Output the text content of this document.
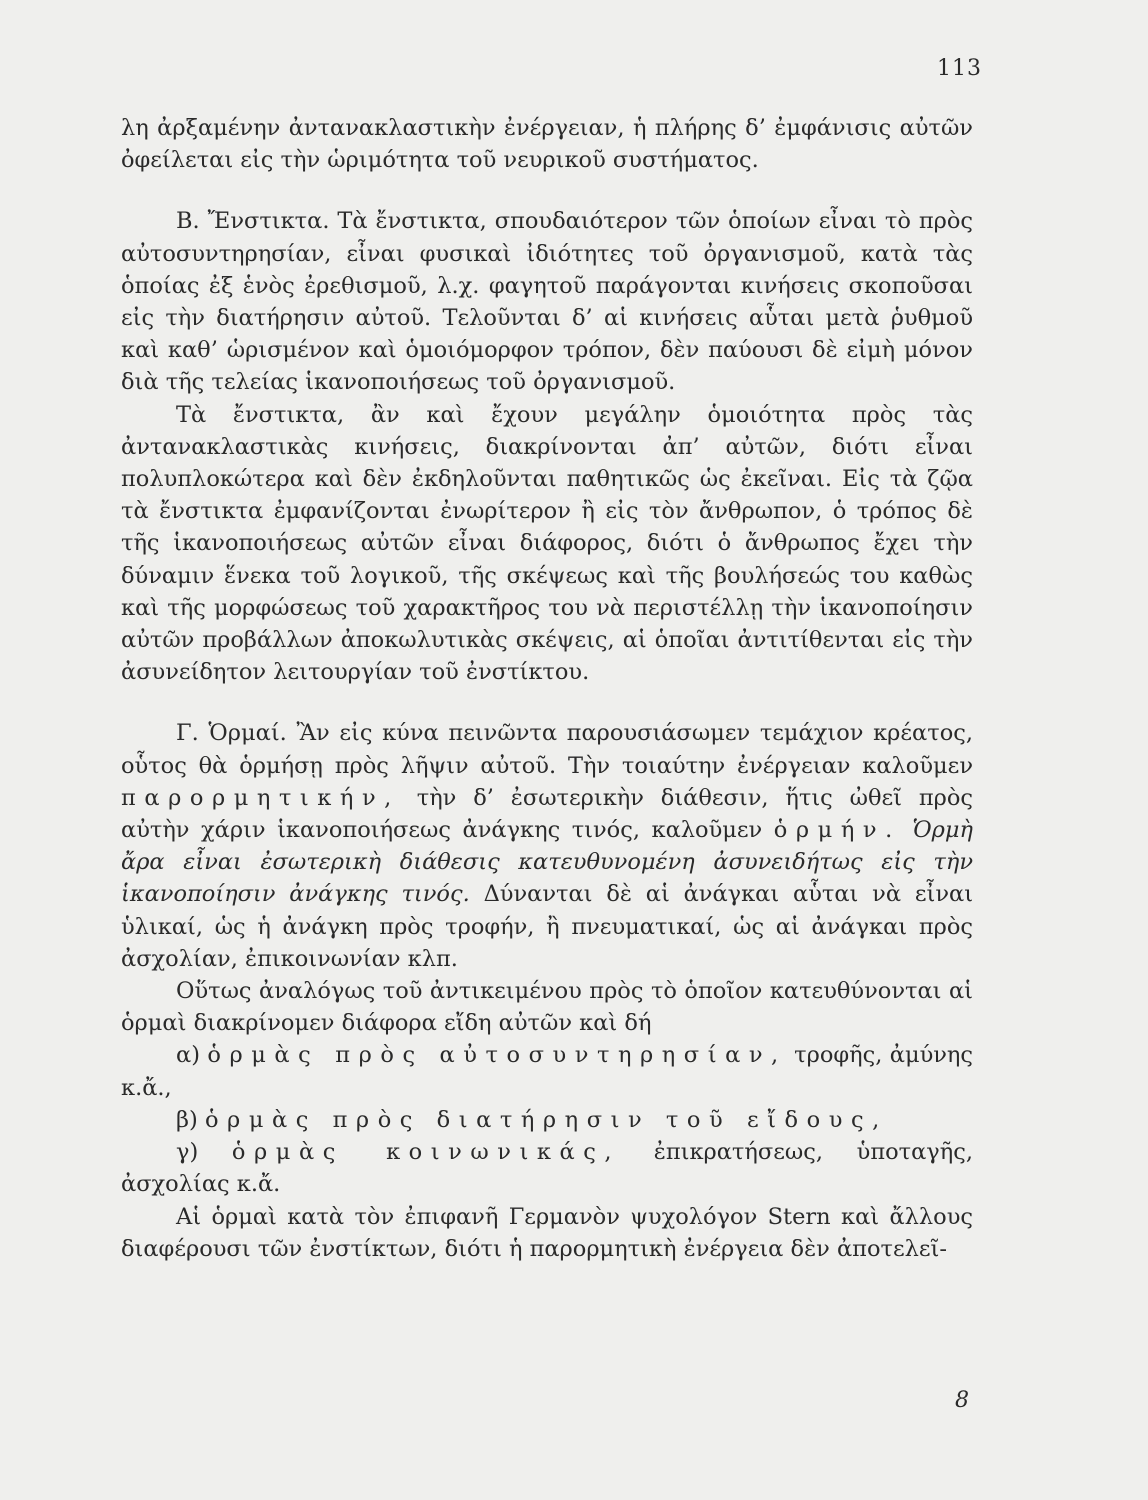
113

λη ἀρξαμένην ἀντανακλαστικὴν ἐνέργειαν, ἡ πλήρης δ’ ἐμφάνισις αὐτῶν ὀφείλεται εἰς τὴν ὡριμότητα τοῦ νευρικοῦ συστήματος.

Β. Ἔνστικτα. Τὰ ἔνστικτα, σπουδαιότερον τῶν ὁποίων εἶναι τὸ πρὸς αὐτοσυντηρησίαν, εἶναι φυσικαὶ ἰδιότητες τοῦ ὀργανισμοῦ, κατὰ τὰς ὁποίας ἐξ ἑνὸς ἐρεθισμοῦ, λ.χ. φαγητοῦ παράγονται κινήσεις σκοποῦσαι εἰς τὴν διατήρησιν αὐτοῦ. Τελοῦνται δ’ αἱ κινήσεις αὗται μετὰ ῥυθμοῦ καὶ καθ’ ὡρισμένον καὶ ὁμοιόμορφον τρόπον, δὲν παύουσι δὲ εἰμὴ μόνον διὰ τῆς τελείας ἱκανοποιήσεως τοῦ ὀργανισμοῦ.

Τὰ ἔνστικτα, ἂν καὶ ἔχουν μεγάλην ὁμοιότητα πρὸς τὰς ἀντανακλαστικὰς κινήσεις, διακρίνονται ἀπ’ αὐτῶν, διότι εἶναι πολυπλοκώτερα καὶ δὲν ἐκδηλοῦνται παθητικῶς ὡς ἐκεῖναι. Εἰς τὰ ζῷα τὰ ἔνστικτα ἐμφανίζονται ἐνωρίτερον ἢ εἰς τὸν ἄνθρωπον, ὁ τρόπος δὲ τῆς ἱκανοποιήσεως αὐτῶν εἶναι διάφορος, διότι ὁ ἄνθρωπος ἔχει τὴν δύναμιν ἕνεκα τοῦ λογικοῦ, τῆς σκέψεως καὶ τῆς βουλήσεώς του καθὼς καὶ τῆς μορφώσεως τοῦ χαρακτῆρος του νὰ περιστέλλῃ τὴν ἱκανοποίησιν αὐτῶν προβάλλων ἀποκωλυτικὰς σκέψεις, αἱ ὁποῖαι ἀντιτίθενται εἰς τὴν ἀσυνείδητον λειτουργίαν τοῦ ἐνστίκτου.

Γ. Ὁρμαί. Ἂν εἰς κύνα πεινῶντα παρουσιάσωμεν τεμάχιον κρέατος, οὗτος θὰ ὁρμήσῃ πρὸς λῆψιν αὐτοῦ. Τὴν τοιαύτην ἐνέργειαν καλοῦμεν παρορμητικήν, τὴν δ’ ἐσωτερικὴν διάθεσιν, ἥτις ὠθεῖ πρὸς αὐτὴν χάριν ἱκανοποιήσεως ἀνάγκης τινός, καλοῦμεν ὁρμήν. Ὁρμὴ ἄρα εἶναι ἐσωτερικὴ διάθεσις κατευθυνομένη ἀσυνειδήτως εἰς τὴν ἱκανοποίησιν ἀνάγκης τινός. Δύνανται δὲ αἱ ἀνάγκαι αὗται νὰ εἶναι ὑλικαί, ὡς ἡ ἀνάγκη πρὸς τροφήν, ἢ πνευματικαί, ὡς αἱ ἀνάγκαι πρὸς ἀσχολίαν, ἐπικοινωνίαν κλπ.

Οὕτως ἀναλόγως τοῦ ἀντικειμένου πρὸς τὸ ὁποῖον κατευθύνονται αἱ ὁρμαὶ διακρίνομεν διάφορα εἴδη αὐτῶν καὶ δή

α) ὁρμὰς πρὸς αὐτοσυντηρησίαν, τροφῆς, ἀμύνης κ.ἄ.,

β) ὁρμὰς πρὸς διατήρησιν τοῦ εἴδους,

γ) ὁρμὰς κοινωνικάς, ἐπικρατήσεως, ὑποταγῆς, ἀσχολίας κ.ἄ.

Αἱ ὁρμαὶ κατὰ τὸν ἐπιφανῆ Γερμανὸν ψυχολόγον Stern καὶ ἄλλους διαφέρουσι τῶν ἐνστίκτων, διότι ἡ παρορμητικὴ ἐνέργεια δὲν ἀποτελεῖ-

8
